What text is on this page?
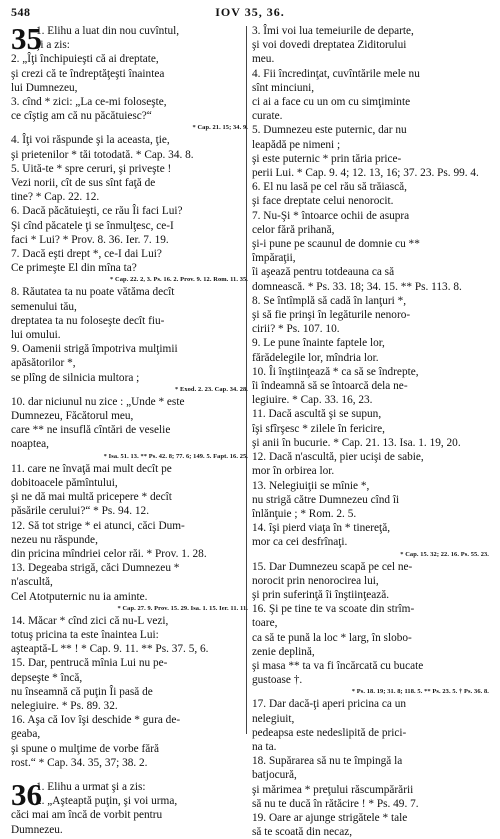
548	IOV 35, 36.
35
1. Elihu a luat din nou cuvîntul,
şi a zis:
2. „Îţi închipuieşti că ai dreptate,
şi crezi că te îndreptăţeşti înaintea
lui Dumnezeu,
3. cînd * zici: „La ce-mi foloseşte,
ce cîştig am că nu păcătuiesc?“
* Cap. 21. 15; 34. 9.
4. Îţi voi răspunde şi la aceasta, ţie,
şi prietenilor * tăi totodată. * Cap. 34. 8.
5. Uită-te * spre ceruri, şi priveşte !
Vezi norii, cît de sus sînt faţă de
tine? * Cap. 22. 12.
6. Dacă păcătuieşti, ce rău Îi faci Lui?
Şi cînd păcatele ţi se înmulţesc, ce-I
faci * Lui? * Prov. 8. 36. Ier. 7. 19.
7. Dacă eşti drept *, ce-I dai Lui?
Ce primeşte El din mîna ta?
* Cap. 22. 2, 3. Ps. 16. 2. Prov. 9. 12. Rom. 11. 35.
8. Răutatea ta nu poate vătăma decît
semenului tău,
dreptatea ta nu foloseşte decît fiu-
lui omului.
9. Oamenii strigă împotriva mulţimii
apăsătorilor *,
se plîng de silnicia multora ;
* Exod. 2. 23. Cap. 34. 28.
10. dar niciunul nu zice : „Unde * este
Dumnezeu, Făcătorul meu,
care ** ne insuflă cîntări de veselie
noaptea,
* Isa. 51. 13. ** Ps. 42. 8; 77. 6; 149. 5. Fapt. 16. 25.
11. care ne învaţă mai mult decît pe
dobitoacele pămîntului,
şi ne dă mai multă pricepere * decît
păsările cerului?“ * Ps. 94. 12.
12. Să tot strige * ei atunci, căci Dum-
nezeu nu răspunde,
din pricina mîndriei celor răi. * Prov. 1. 28.
13. Degeaba strigă, căci Dumnezeu *
n'ascultă,
Cel Atotputernic nu ia aminte.
* Cap. 27. 9. Prov. 15. 29. Isa. 1. 15. Ier. 11. 11.
14. Măcar * cînd zici că nu-L vezi,
totuş pricina ta este înaintea Lui:
aşteaptă-L ** ! * Cap. 9. 11. ** Ps. 37. 5, 6.
15. Dar, pentrucă mînia Lui nu pe-
depseşte * încă,
nu înseamnă că puţin Îi pasă de
nelegiuire. * Ps. 89. 32.
16. Aşa că Iov îşi deschide * gura de-
geaba,
şi spune o mulţime de vorbe fără
rost.“ * Cap. 34. 35, 37; 38. 2.
36
1. Elihu a urmat şi a zis:
2. „Aşteaptă puţin, şi voi urma,
căci mai am încă de vorbit pentru
Dumnezeu.
3. Îmi voi lua temeiurile de departe,
şi voi dovedi dreptatea Ziditorului
meu.
4. Fii încredinţat, cuvîntările mele nu
sînt minciuni,
ci ai a face cu un om cu simţiminte
curate.
5. Dumnezeu este puternic, dar nu
leapădă pe nimeni ;
şi este puternic * prin tăria price-
perii Lui. * Cap. 9. 4; 12. 13, 16; 37. 23. Ps. 99. 4.
6. El nu lasă pe cel rău să trăiască,
şi face dreptate celui nenorocit.
7. Nu-Şi * întoarce ochii de asupra
celor fără prihană,
şi-i pune pe scaunul de domnie cu **
împăraţii,
îi aşează pentru totdeauna ca să
domnească. * Ps. 33. 18; 34. 15. ** Ps. 113. 8.
8. Se întîmplă să cadă în lanţuri *,
şi să fie prinşi în legăturile nenoro-
cirii? * Ps. 107. 10.
9. Le pune înainte faptele lor,
fărădelegile lor, mîndria lor.
10. Îi înştiinţează * ca să se îndrepte,
îi îndeamnă să se întoarcă dela ne-
legiuire. * Cap. 33. 16, 23.
11. Dacă ascultă şi se supun,
îşi sfîrşesc * zilele în fericire,
şi anii în bucurie. * Cap. 21. 13. Isa. 1. 19, 20.
12. Dacă n'ascultă, pier ucişi de sabie,
mor în orbirea lor.
13. Nelegiuiţii se mînie *,
nu strigă către Dumnezeu cînd îi
înlănţuie ; * Rom. 2. 5.
14. îşi pierd viaţa în * tinereţă,
mor ca cei desfrînaţi.
* Cap. 15. 32; 22. 16. Ps. 55. 23.
15. Dar Dumnezeu scapă pe cel ne-
norocit prin nenorocirea lui,
şi prin suferinţă îi înştiinţează.
16. Şi pe tine te va scoate din strîm-
toare,
ca să te pună la loc * larg, în slobo-
zenie deplină,
şi masa ** ta va fi încărcată cu bucate
gustoase †.
* Ps. 18. 19; 31. 8; 118. 5. ** Ps. 23. 5. † Ps. 36. 8.
17. Dar dacă-ţi aperi pricina ca un
nelegiuit,
pedeapsa este nedeslipită de prici-
na ta.
18. Supărarea să nu te împingă la
batjocură,
şi mărimea * preţului răscumpărării
să nu te ducă în rătăcire ! * Ps. 49. 7.
19. Oare ar ajunge strigătele * tale
să te scoată din necaz,
